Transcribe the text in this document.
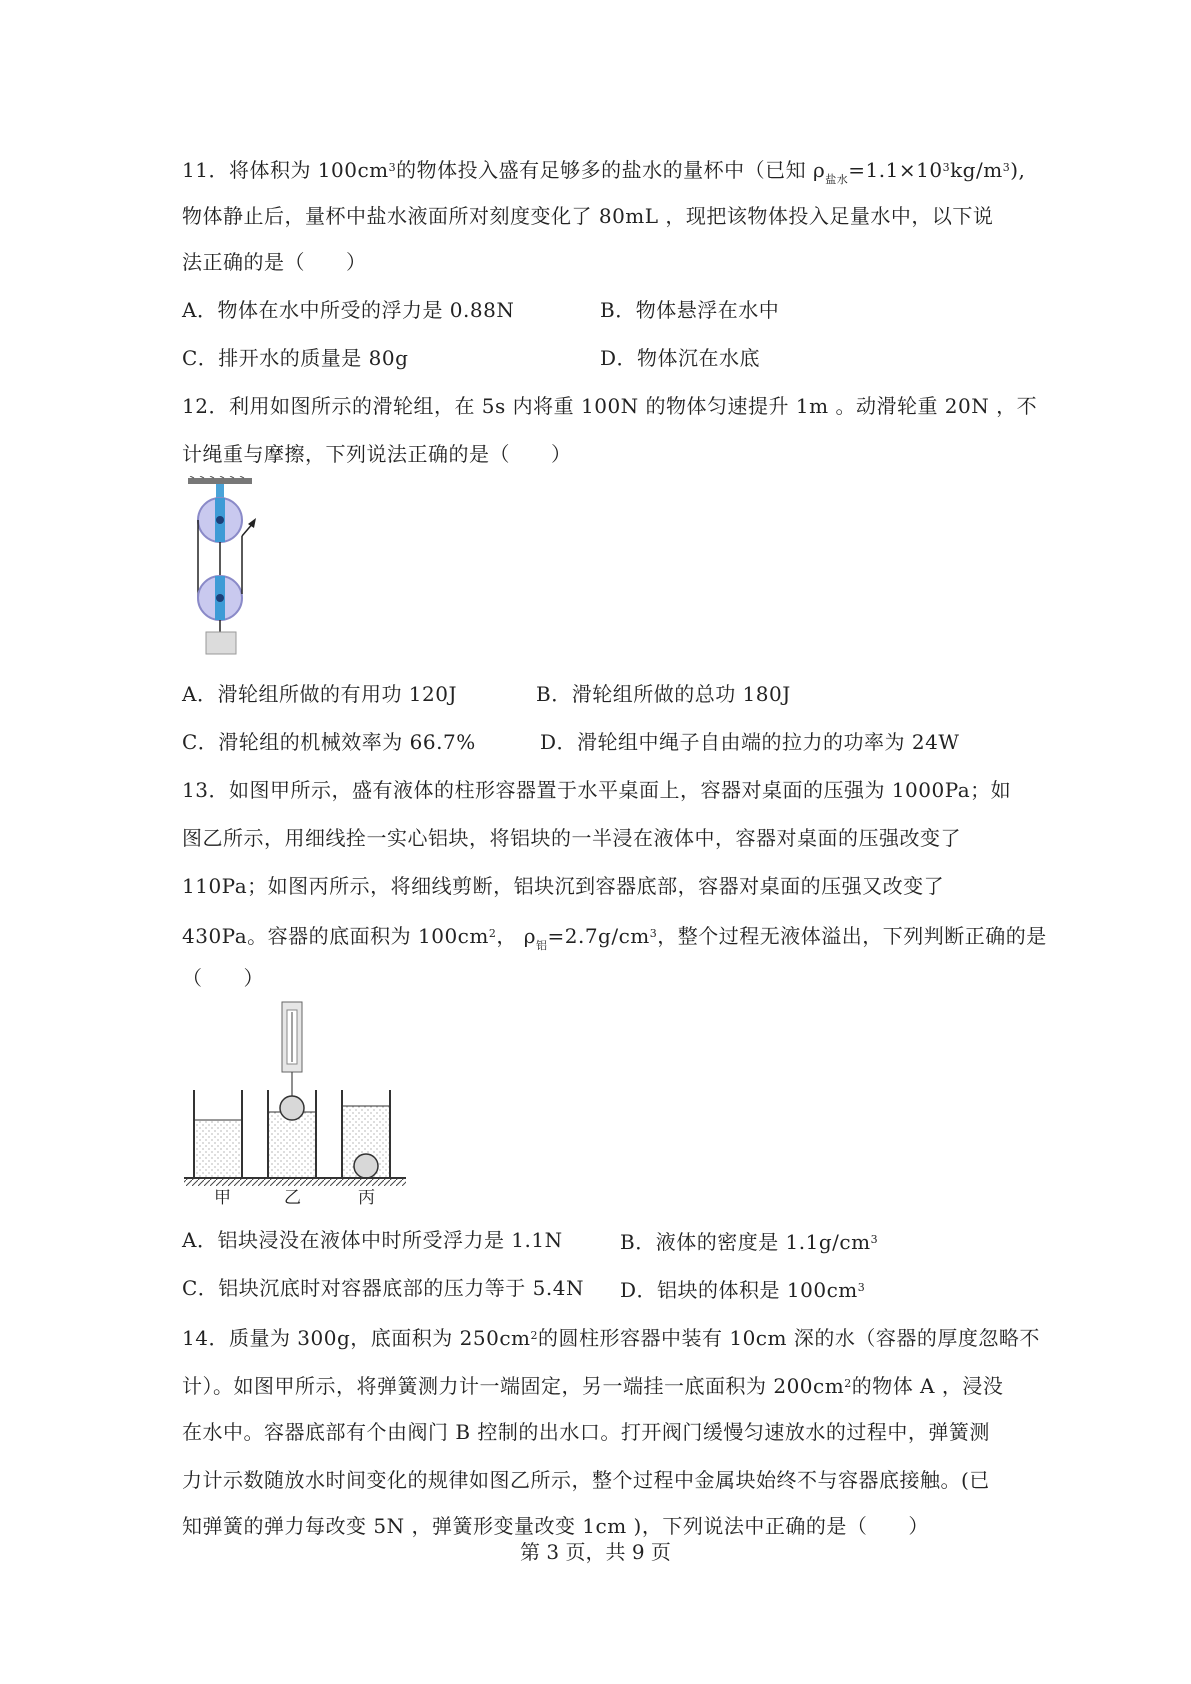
11．将体积为 $100cm^3$的物体投入盛有足够多的盐水的量杯中（已知 $\rho_{盐水}=1.1\times 10^3kg/m^3$),
物体静止后，量杯中盐水液面所对刻度变化了 80mL ，现把该物体投入足量水中，以下说
法正确的是（　　）
A．物体在水中所受的浮力是 0.88N	B．物体悬浮在水中
C．排开水的质量是 80g	D．物体沉在水底
12．利用如图所示的滑轮组，在 5s 内将重 100N 的物体匀速提升 1m 。动滑轮重 20N ，不
计绳重与摩擦，下列说法正确的是（　　）
A．滑轮组所做的有用功 120J	B．滑轮组所做的总功 180J
C．滑轮组的机械效率为 66.7%	D．滑轮组中绳子自由端的拉力的功率为 24W
13．如图甲所示，盛有液体的柱形容器置于水平桌面上，容器对桌面的压强为 1000Pa；如
图乙所示，用细线拴一实心铝块，将铝块的一半浸在液体中，容器对桌面的压强改变了
110Pa；如图丙所示，将细线剪断，铝块沉到容器底部，容器对桌面的压强又改变了
430Pa。容器的底面积为 $100cm^2$， $\rho_铝=2.7g/cm^3$，整个过程无液体溢出，下列判断正确的是
（　　）
甲	乙	丙
A．铝块浸没在液体中时所受浮力是 1.1N	B．液体的密度是 $1.1g/cm^3$
C．铝块沉底时对容器底部的压力等于 5.4N D．铝块的体积是 $100cm^3$
14．质量为 300g，底面积为 $250cm^2$的圆柱形容器中装有 10cm 深的水（容器的厚度忽略不
计）。如图甲所示，将弹簧测力计一端固定，另一端挂一底面积为 $200cm^2$的物体 A ，浸没
在水中。容器底部有个由阀门 B 控制的出水口。打开阀门缓慢匀速放水的过程中，弹簧测
力计示数随放水时间变化的规律如图乙所示，整个过程中金属块始终不与容器底接触。(已
知弹簧的弹力每改变 5N ，弹簧形变量改变 1cm )，下列说法中正确的是（　　）
第 3 页，共 9 页
